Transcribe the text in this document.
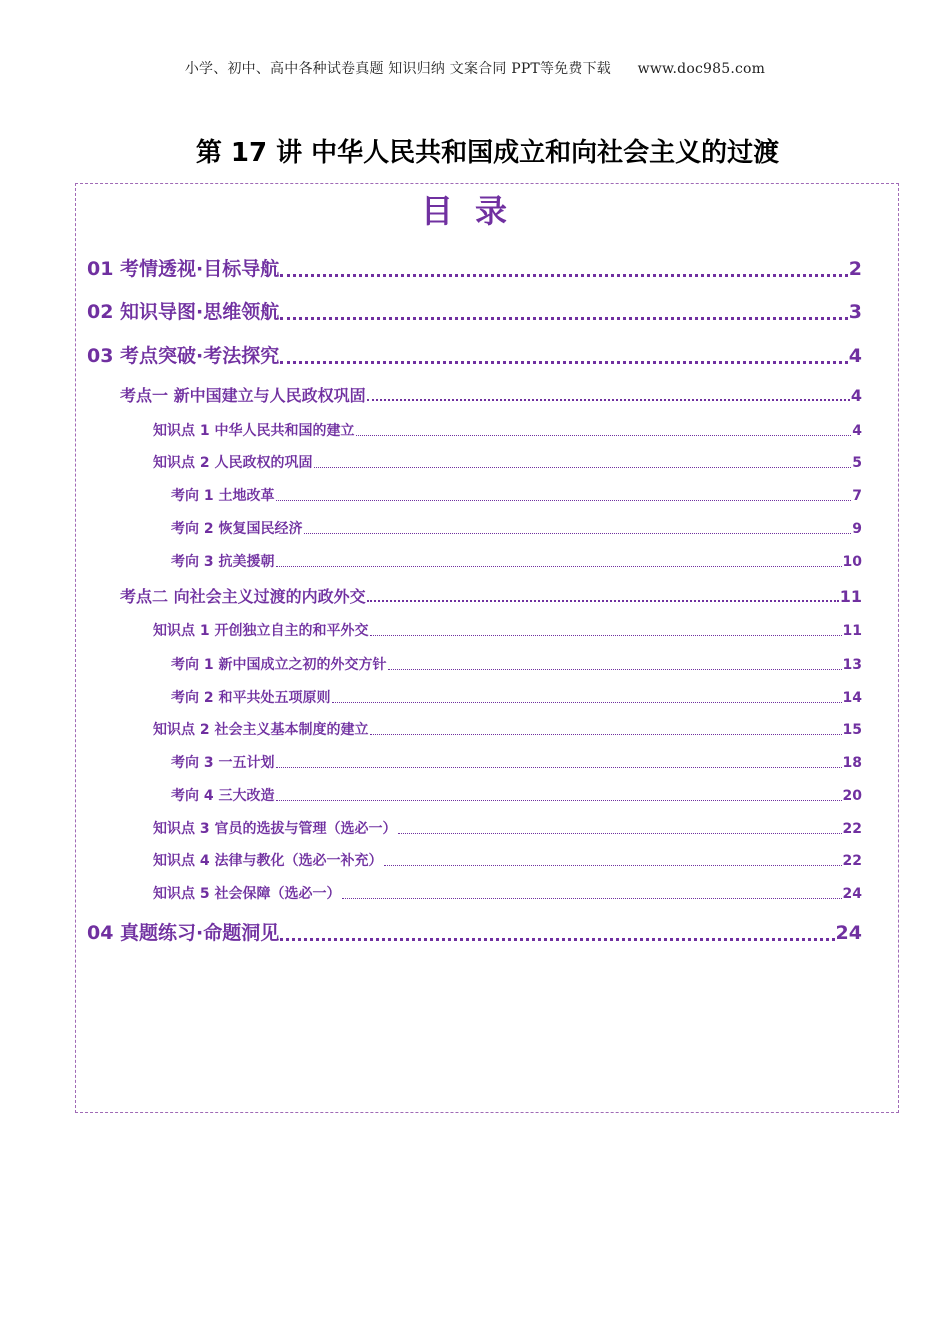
小学、初中、高中各种试卷真题 知识归纳 文案合同 PPT等免费下载 www.doc985.com
第 17 讲 中华人民共和国成立和向社会主义的过渡
目录
01 考情透视·目标导航	2
02 知识导图·思维领航	3
03 考点突破·考法探究	4
考点一 新中国建立与人民政权巩固	4
知识点 1 中华人民共和国的建立	4
知识点 2 人民政权的巩固	5
考向 1 土地改革	7
考向 2 恢复国民经济	9
考向 3 抗美援朝	10
考点二 向社会主义过渡的内政外交	11
知识点 1 开创独立自主的和平外交	11
考向 1 新中国成立之初的外交方针	13
考向 2 和平共处五项原则	14
知识点 2 社会主义基本制度的建立	15
考向 3 一五计划	18
考向 4 三大改造	20
知识点 3 官员的选拔与管理（选必一）	22
知识点 4 法律与教化（选必一补充）	22
知识点 5 社会保障（选必一）	24
04 真题练习·命题洞见	24
